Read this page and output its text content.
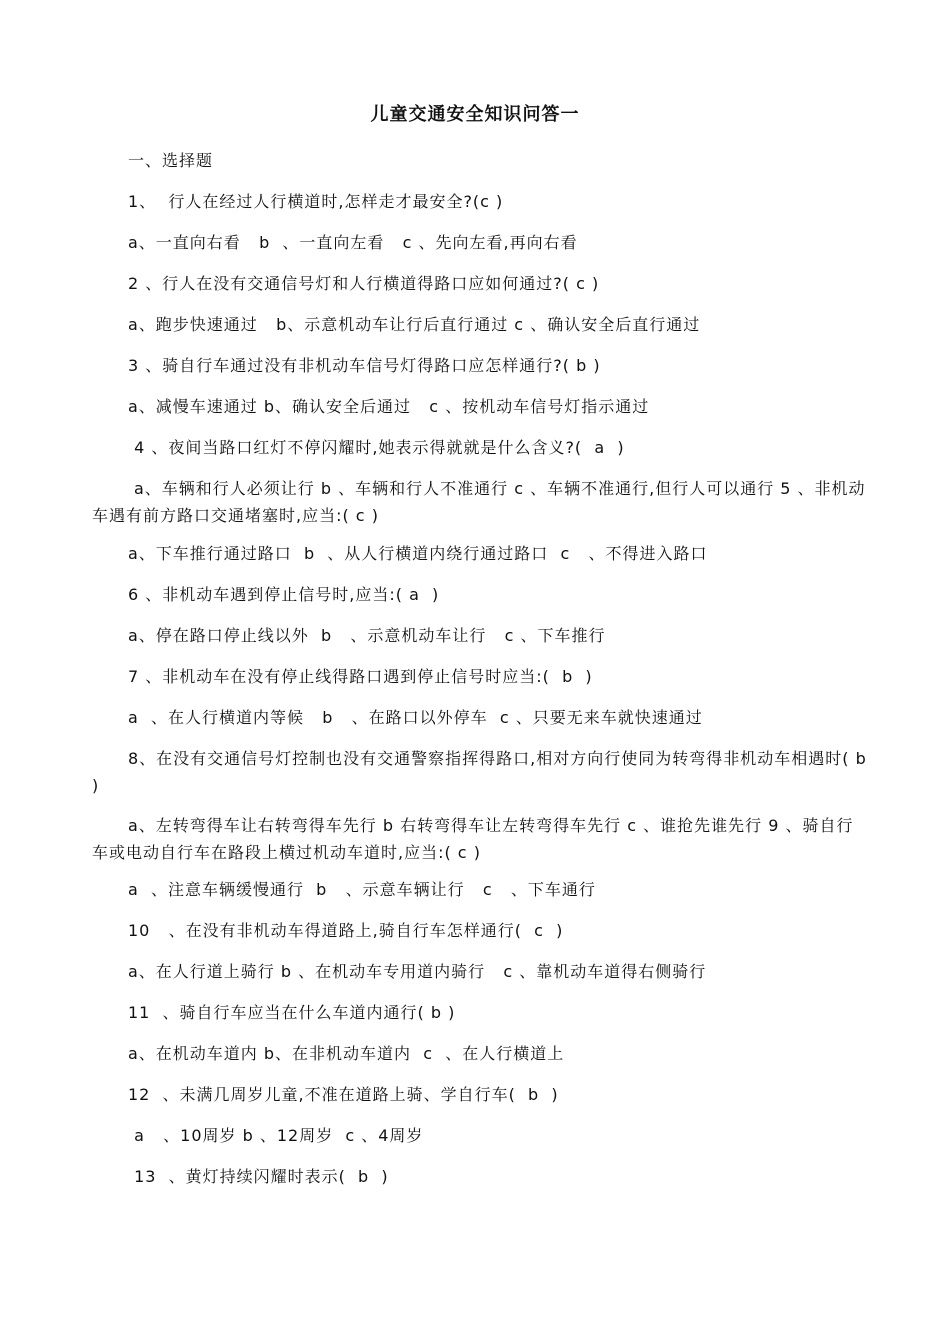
儿童交通安全知识问答一
一、选择题
1、  行人在经过人行横道时,怎样走才最安全?(c )
a、一直向右看   b  、一直向左看   c 、先向左看,再向右看
2 、行人在没有交通信号灯和人行横道得路口应如何通过?( c )
a、跑步快速通过   b、示意机动车让行后直行通过 c 、确认安全后直行通过
3 、骑自行车通过没有非机动车信号灯得路口应怎样通行?( b )
a、减慢车速通过 b、确认安全后通过   c 、按机动车信号灯指示通过
4 、夜间当路口红灯不停闪耀时,她表示得就就是什么含义?(  a  )
a、车辆和行人必须让行 b 、车辆和行人不准通行 c 、车辆不准通行,但行人可以通行 5 、非机动车遇有前方路口交通堵塞时,应当:( c )
a、下车推行通过路口  b  、从人行横道内绕行通过路口  c   、不得进入路口
6 、非机动车遇到停止信号时,应当:( a  )
a、停在路口停止线以外  b   、示意机动车让行   c 、下车推行
7 、非机动车在没有停止线得路口遇到停止信号时应当:(  b  )
a  、在人行横道内等候   b   、在路口以外停车  c 、只要无来车就快速通过
8、在没有交通信号灯控制也没有交通警察指挥得路口,相对方向行使同为转弯得非机动车相遇时( b )
a、左转弯得车让右转弯得车先行 b 右转弯得车让左转弯得车先行 c 、谁抢先谁先行 9 、骑自行车或电动自行车在路段上横过机动车道时,应当:( c )
a  、注意车辆缓慢通行  b   、示意车辆让行   c   、下车通行
10   、在没有非机动车得道路上,骑自行车怎样通行(  c  )
a、在人行道上骑行 b 、在机动车专用道内骑行   c 、靠机动车道得右侧骑行
11  、骑自行车应当在什么车道内通行( b )
a、在机动车道内 b、在非机动车道内  c  、在人行横道上
12  、未满几周岁儿童,不准在道路上骑、学自行车(  b  )
a   、10周岁 b 、12周岁  c 、4周岁
13  、黄灯持续闪耀时表示(  b  )
